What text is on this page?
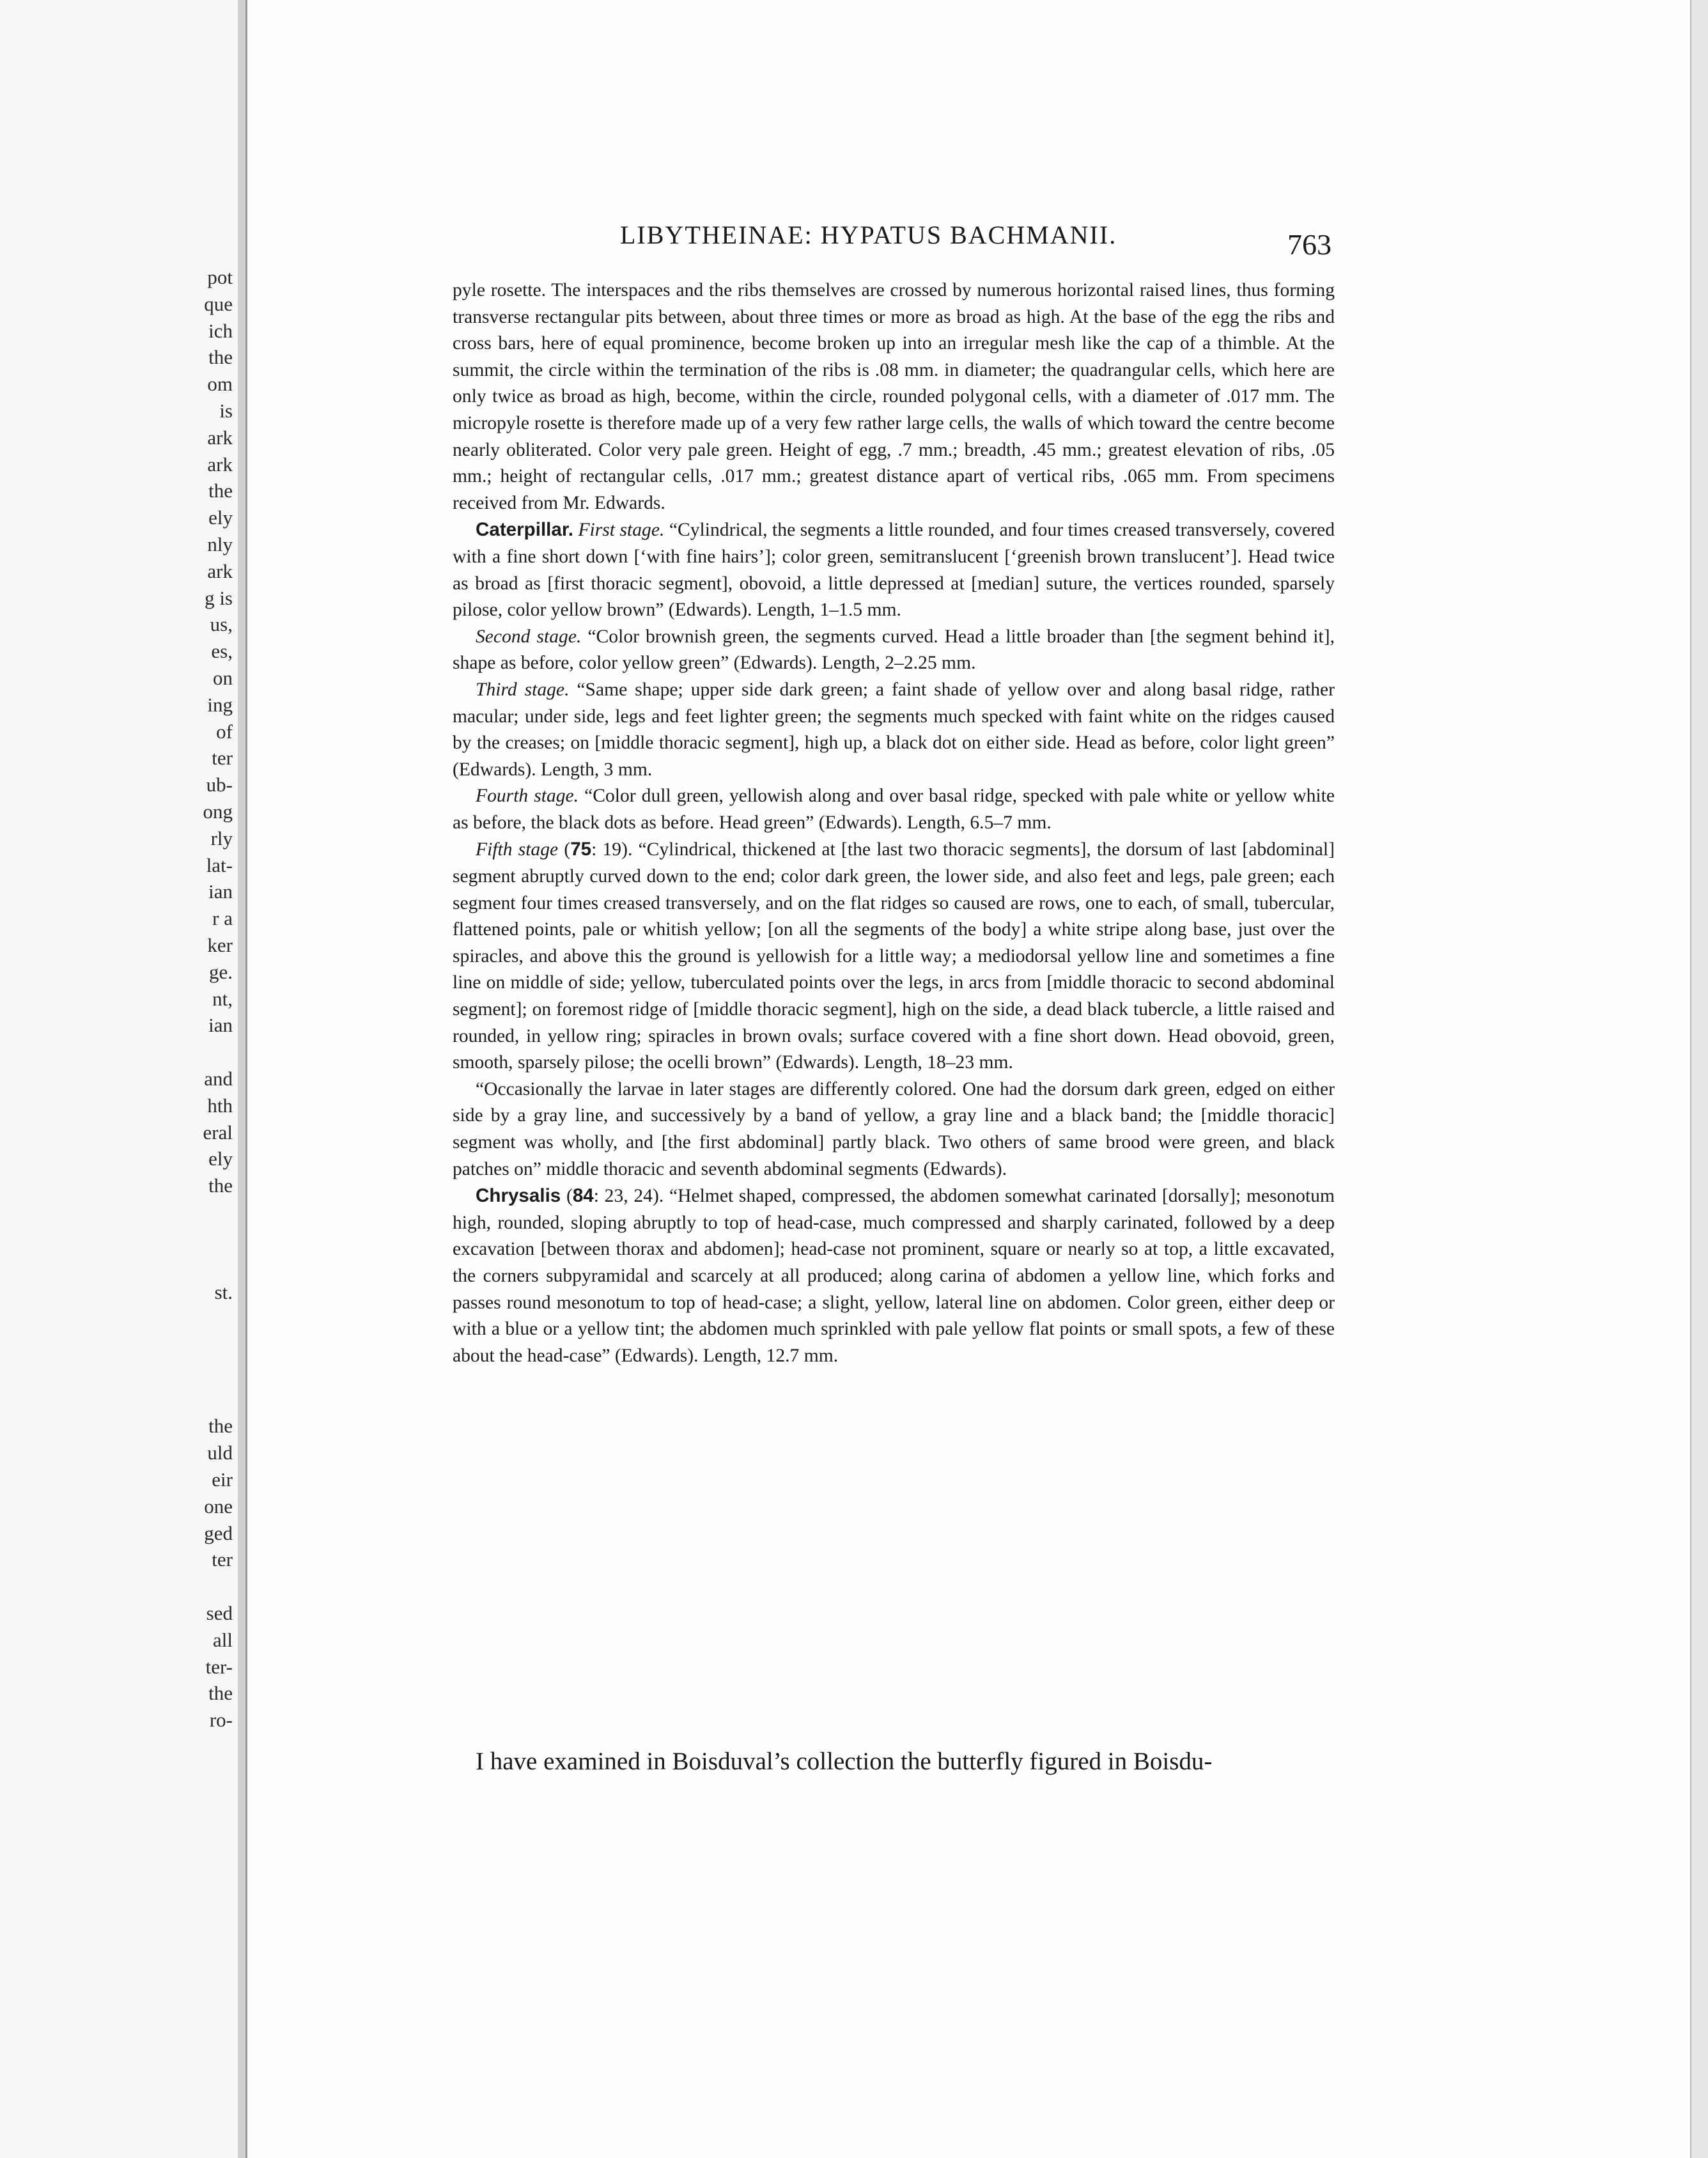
pot
que
ich
the
om
is
ark
ark
the
ely
nly
ark
g is
us,
es,
on
ing
of
ter
ub-
ong
rly
lat-
ian
r a
ker
ge.
nt,
ian
and
hth
eral
ely
the
st.
the
uld
eir
one
ged
ter
sed
all
ter-
the
ro-
LIBYTHEINAE: HYPATUS BACHMANII.	763

pyle rosette. The interspaces and the ribs themselves are crossed by numerous horizontal raised lines, thus forming transverse rectangular pits between, about three times or more as broad as high. At the base of the egg the ribs and cross bars, here of equal prominence, become broken up into an irregular mesh like the cap of a thimble. At the summit, the circle within the termination of the ribs is .08 mm. in diameter; the quadrangular cells, which here are only twice as broad as high, become, within the circle, rounded polygonal cells, with a diameter of .017 mm. The micropyle rosette is therefore made up of a very few rather large cells, the walls of which toward the centre become nearly obliterated. Color very pale green. Height of egg, .7 mm.; breadth, .45 mm.; greatest elevation of ribs, .05 mm.; height of rectangular cells, .017 mm.; greatest distance apart of vertical ribs, .065 mm. From specimens received from Mr. Edwards.

Caterpillar. First stage. “Cylindrical, the segments a little rounded, and four times creased transversely, covered with a fine short down [‘with fine hairs’]; color green, semitranslucent [‘greenish brown translucent’]. Head twice as broad as [first thoracic segment], obovoid, a little depressed at [median] suture, the vertices rounded, sparsely pilose, color yellow brown” (Edwards). Length, 1–1.5 mm.

Second stage. “Color brownish green, the segments curved. Head a little broader than [the segment behind it], shape as before, color yellow green” (Edwards). Length, 2–2.25 mm.

Third stage. “Same shape; upper side dark green; a faint shade of yellow over and along basal ridge, rather macular; under side, legs and feet lighter green; the segments much specked with faint white on the ridges caused by the creases; on [middle thoracic segment], high up, a black dot on either side. Head as before, color light green” (Edwards). Length, 3 mm.

Fourth stage. “Color dull green, yellowish along and over basal ridge, specked with pale white or yellow white as before, the black dots as before. Head green” (Edwards). Length, 6.5–7 mm.

Fifth stage (75: 19). “Cylindrical, thickened at [the last two thoracic segments], the dorsum of last [abdominal] segment abruptly curved down to the end; color dark green, the lower side, and also feet and legs, pale green; each segment four times creased transversely, and on the flat ridges so caused are rows, one to each, of small, tubercular, flattened points, pale or whitish yellow; [on all the segments of the body] a white stripe along base, just over the spiracles, and above this the ground is yellowish for a little way; a mediodorsal yellow line and sometimes a fine line on middle of side; yellow, tuberculated points over the legs, in arcs from [middle thoracic to second abdominal segment]; on foremost ridge of [middle thoracic segment], high on the side, a dead black tubercle, a little raised and rounded, in yellow ring; spiracles in brown ovals; surface covered with a fine short down. Head obovoid, green, smooth, sparsely pilose; the ocelli brown” (Edwards). Length, 18–23 mm.

“Occasionally the larvae in later stages are differently colored. One had the dorsum dark green, edged on either side by a gray line, and successively by a band of yellow, a gray line and a black band; the [middle thoracic] segment was wholly, and [the first abdominal] partly black. Two others of same brood were green, and black patches on” middle thoracic and seventh abdominal segments (Edwards).

Chrysalis (84: 23, 24). “Helmet shaped, compressed, the abdomen somewhat carinated [dorsally]; mesonotum high, rounded, sloping abruptly to top of head-case, much compressed and sharply carinated, followed by a deep excavation [between thorax and abdomen]; head-case not prominent, square or nearly so at top, a little excavated, the corners subpyramidal and scarcely at all produced; along carina of abdomen a yellow line, which forks and passes round mesonotum to top of head-case; a slight, yellow, lateral line on abdomen. Color green, either deep or with a blue or a yellow tint; the abdomen much sprinkled with pale yellow flat points or small spots, a few of these about the head-case” (Edwards). Length, 12.7 mm.

I have examined in Boisduval’s collection the butterfly figured in Boisdu-
